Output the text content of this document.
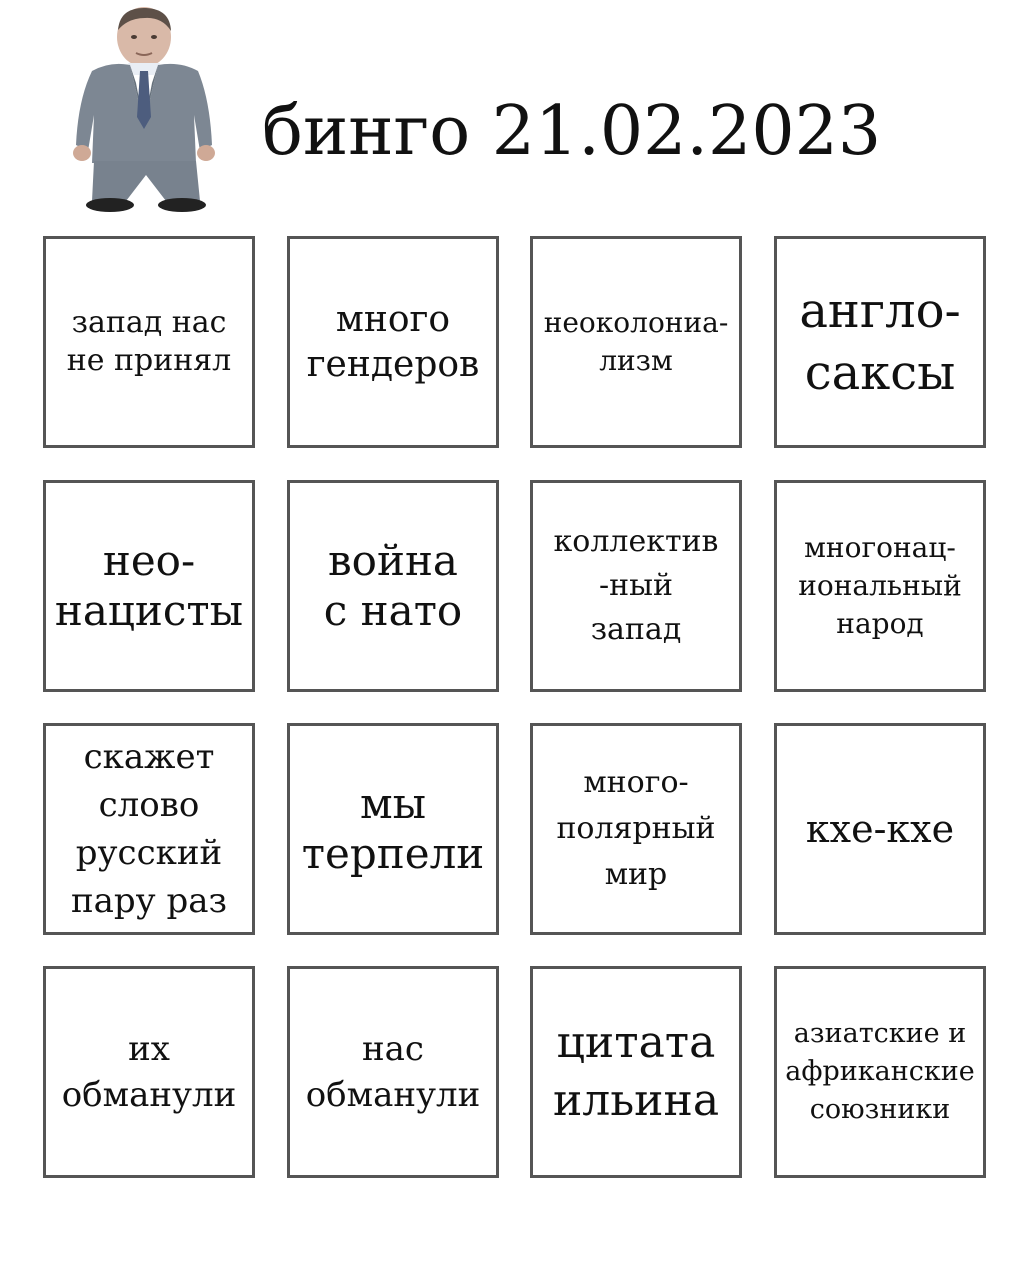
бинго 21.02.2023
запад нас
не принял
много
гендеров
неоколониа-
лизм
англо-
саксы
нео-
нацисты
война
с нато
коллектив
-ный
запад
многонац-
иональный
народ
скажет
слово
русский
пару раз
мы
терпели
много-
полярный
мир
кхе-кхе
их
обманули
нас
обманули
цитата
ильина
азиатские и
африканские
союзники
